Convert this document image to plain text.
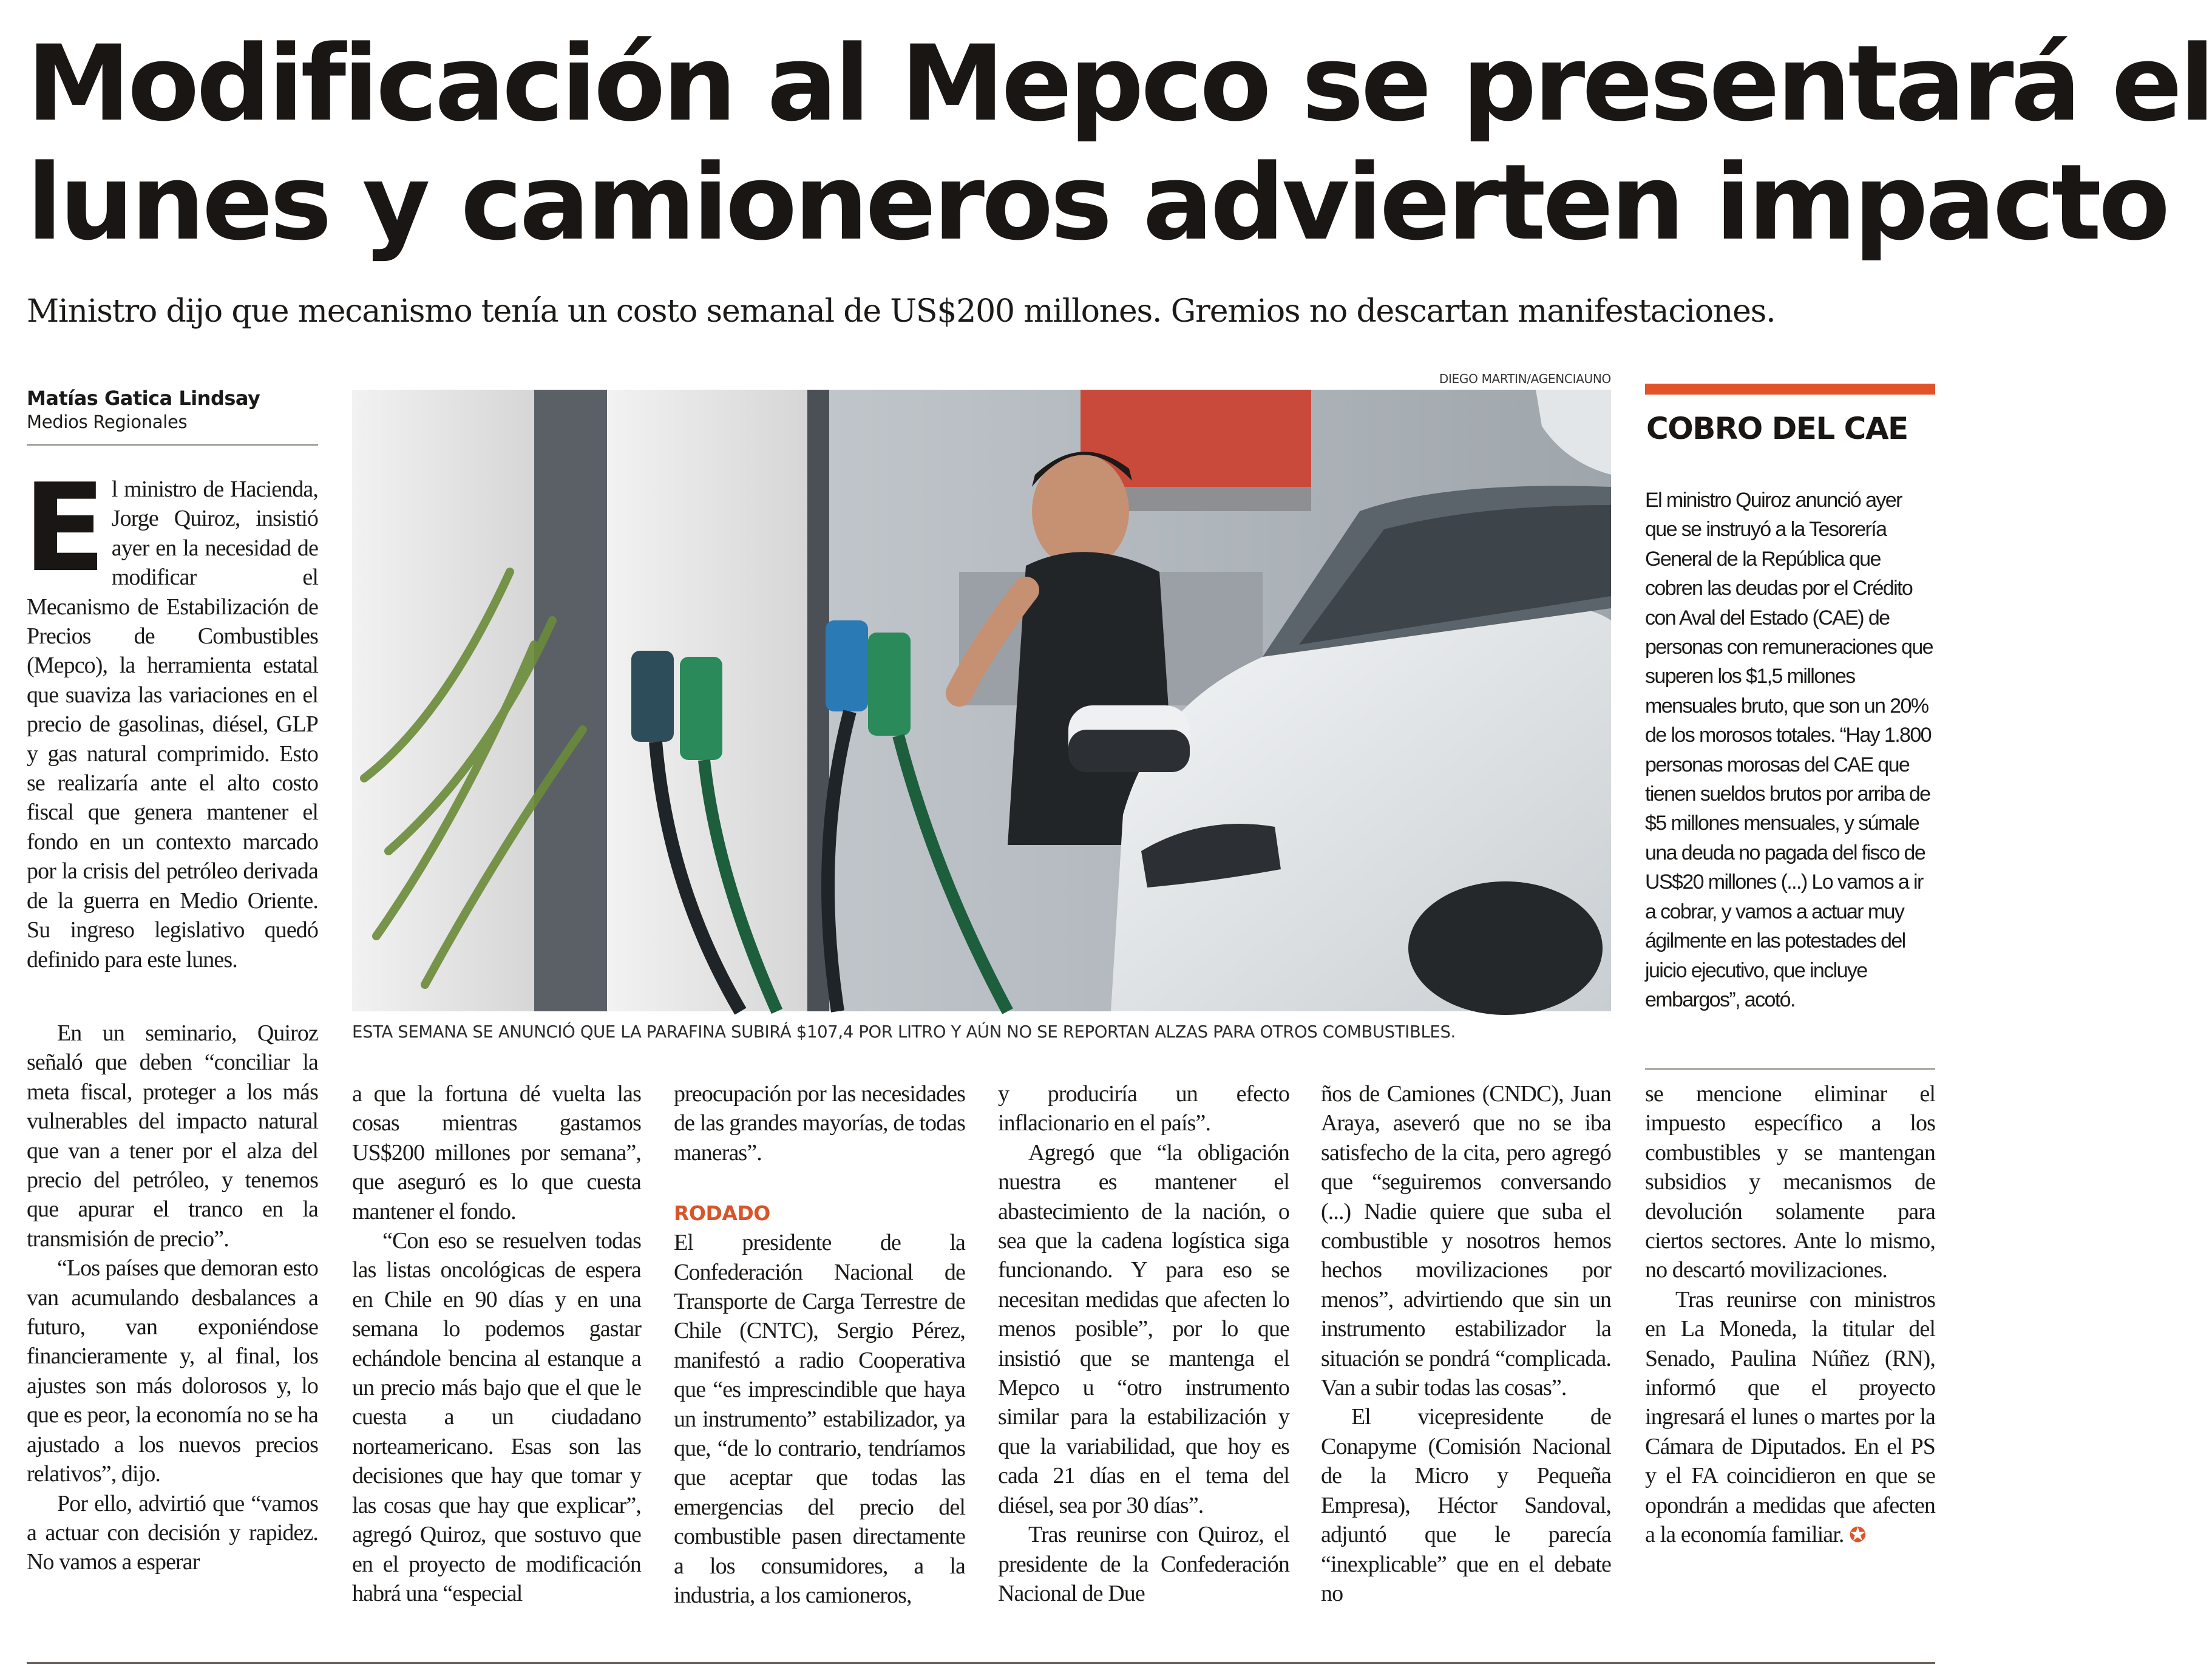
Modificación al Mepco se presentará el
lunes y camioneros advierten impacto
Ministro dijo que mecanismo tenía un costo semanal de US$200 millones. Gremios no descartan manifestaciones.
Matías Gatica Lindsay
Medios Regionales
E l ministro de Hacienda, Jorge Quiroz, insistió ayer en la necesidad de modificar el Mecanismo de Estabilización de Precios de Combustibles (Mepco), la herramienta estatal que suaviza las variaciones en el precio de gasolinas, diésel, GLP y gas natural comprimido. Esto se realizaría ante el alto costo fiscal que genera mantener el fondo en un contexto marcado por la crisis del petróleo derivada de la guerra en Medio Oriente. Su ingreso legislativo quedó definido para este lunes.

En un seminario, Quiroz señaló que deben “conciliar la meta fiscal, proteger a los más vulnerables del impacto natural que van a tener por el alza del precio del petróleo, y tenemos que apurar el tranco en la transmisión de precio”.

“Los países que demoran esto van acumulando desbalances a futuro, van exponiéndose financieramente y, al final, los ajustes son más dolorosos y, lo que es peor, la economía no se ha ajustado a los nuevos precios relativos”, dijo.

Por ello, advirtió que “vamos a actuar con decisión y rapidez. No vamos a esperar

DIEGO MARTIN/AGENCIAUNO
ESTA SEMANA SE ANUNCIÓ QUE LA PARAFINA SUBIRÁ $107,4 POR LITRO Y AÚN NO SE REPORTAN ALZAS PARA OTROS COMBUSTIBLES.

a que la fortuna dé vuelta las cosas mientras gastamos US$200 millones por semana”, que aseguró es lo que cuesta mantener el fondo.

“Con eso se resuelven todas las listas oncológicas de espera en Chile en 90 días y en una semana lo podemos gastar echándole bencina al estanque a un precio más bajo que el que le cuesta a un ciudadano norteamericano. Esas son las decisiones que hay que tomar y las cosas que hay que explicar”, agregó Quiroz, que sostuvo que en el proyecto de modificación habrá una “especial

preocupación por las necesidades de las grandes mayorías, de todas maneras”.

RODADO

El presidente de la Confederación Nacional de Transporte de Carga Terrestre de Chile (CNTC), Sergio Pérez, manifestó a radio Cooperativa que “es imprescindible que haya un instrumento” estabilizador, ya que, “de lo contrario, tendríamos que aceptar que todas las emergencias del precio del combustible pasen directamente a los consumidores, a la industria, a los camioneros,

y produciría un efecto inflacionario en el país”.

Agregó que “la obligación nuestra es mantener el abastecimiento de la nación, o sea que la cadena logística siga funcionando. Y para eso se necesitan medidas que afecten lo menos posible”, por lo que insistió que se mantenga el Mepco u “otro instrumento similar para la estabilización y que la variabilidad, que hoy es cada 21 días en el tema del diésel, sea por 30 días”.

Tras reunirse con Quiroz, el presidente de la Confederación Nacional de Due

ños de Camiones (CNDC), Juan Araya, aseveró que no se iba satisfecho de la cita, pero agregó que “seguiremos conversando (...) Nadie quiere que suba el combustible y nosotros hemos hechos movilizaciones por menos”, advirtiendo que sin un instrumento estabilizador la situación se pondrá “complicada. Van a subir todas las cosas”.

El vicepresidente de Conapyme (Comisión Nacional de la Micro y Pequeña Empresa), Héctor Sandoval, adjuntó que le parecía “inexplicable” que en el debate no

COBRO DEL CAE
El ministro Quiroz anunció ayer que se instruyó a la Tesorería General de la República que cobren las deudas por el Crédito con Aval del Estado (CAE) de personas con remuneraciones que superen los $1,5 millones mensuales bruto, que son un 20% de los morosos totales. “Hay 1.800 personas morosas del CAE que tienen sueldos brutos por arriba de $5 millones mensuales, y súmale una deuda no pagada del fisco de US$20 millones (...) Lo vamos a ir a cobrar, y vamos a actuar muy ágilmente en las potestades del juicio ejecutivo, que incluye embargos”, acotó.

se mencione eliminar el impuesto específico a los combustibles y se mantengan subsidios y mecanismos de devolución solamente para ciertos sectores. Ante lo mismo, no descartó movilizaciones.

Tras reunirse con ministros en La Moneda, la titular del Senado, Paulina Núñez (RN), informó que el proyecto ingresará el lunes o martes por la Cámara de Diputados. En el PS y el FA coincidieron en que se opondrán a medidas que afecten a la economía familiar. ✪
